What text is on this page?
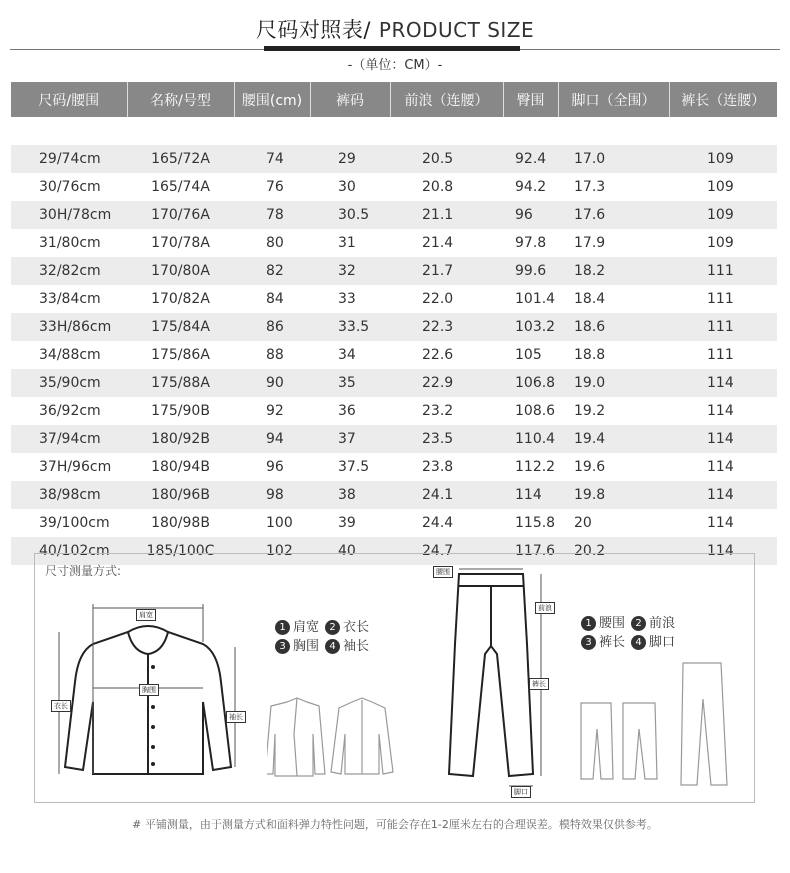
尺码对照表/ PRODUCT SIZE
-（单位：CM）-
尺码/腰围	名称/号型	腰围(cm)	裤码	前浪（连腰）	臀围	脚口（全围）	裤长（连腰）

29/74cm	165/72A	74	29	20.5	92.4	17.0	109
30/76cm	165/74A	76	30	20.8	94.2	17.3	109
30H/78cm	170/76A	78	30.5	21.1	96	17.6	109
31/80cm	170/78A	80	31	21.4	97.8	17.9	109
32/82cm	170/80A	82	32	21.7	99.6	18.2	111
33/84cm	170/82A	84	33	22.0	101.4	18.4	111
33H/86cm	175/84A	86	33.5	22.3	103.2	18.6	111
34/88cm	175/86A	88	34	22.6	105	18.8	111
35/90cm	175/88A	90	35	22.9	106.8	19.0	114
36/92cm	175/90B	92	36	23.2	108.6	19.2	114
37/94cm	180/92B	94	37	23.5	110.4	19.4	114
37H/96cm	180/94B	96	37.5	23.8	112.2	19.6	114
38/98cm	180/96B	98	38	24.1	114	19.8	114
39/100cm	180/98B	100	39	24.4	115.8	20	114
40/102cm	185/100C	102	40	24.7	117.6	20.2	114
尺寸测量方式:
肩宽
胸围
衣长
袖长
1 肩宽 2 衣长
3 胸围 4 袖长

腰围
前浪
裤长
脚口
1 腰围 2 前浪
3 裤长 4 脚口

# 平铺测量，由于测量方式和面料弹力特性问题，可能会存在1-2厘米左右的合理误差。模特效果仅供参考。
